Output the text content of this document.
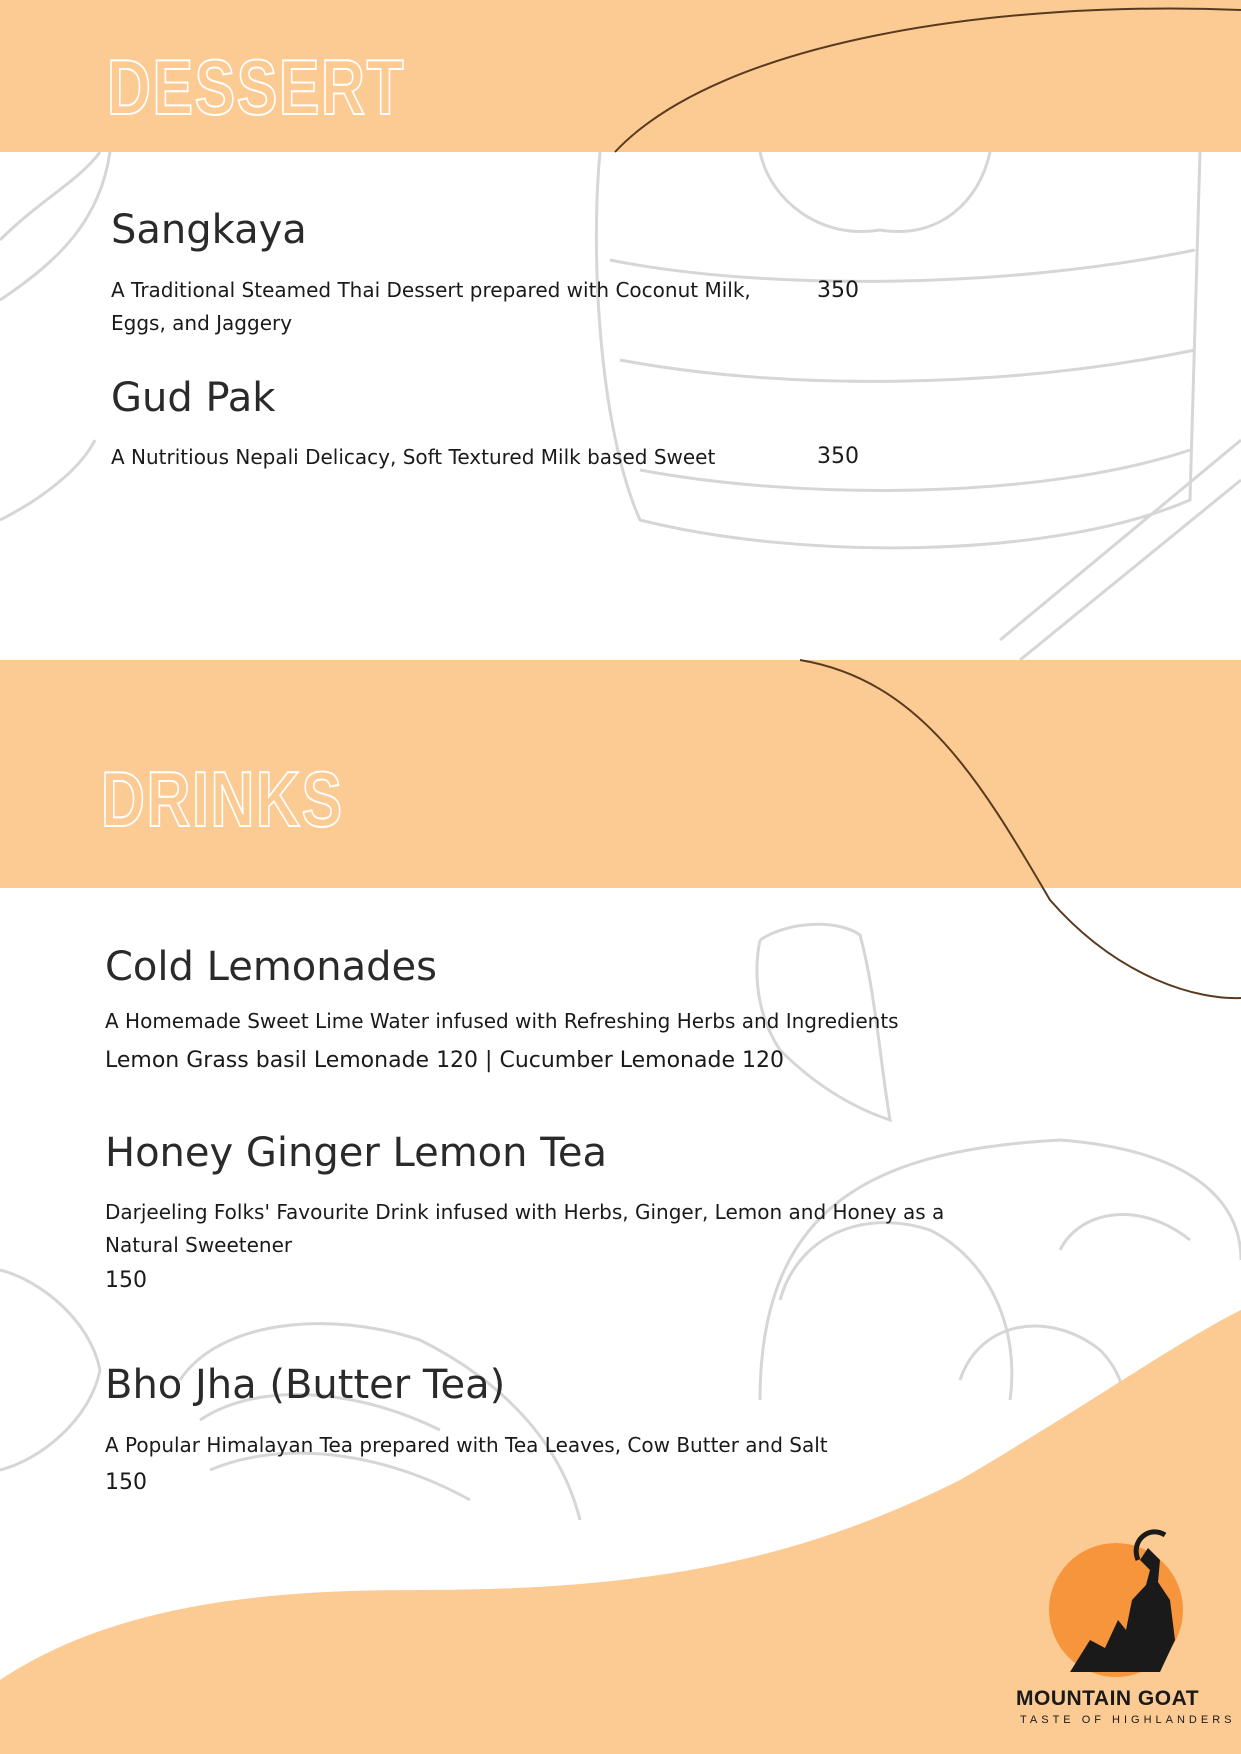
DESSERT
Sangkaya
A Traditional Steamed Thai Dessert prepared with Coconut Milk, Eggs, and Jaggery
350
Gud Pak
A Nutritious Nepali Delicacy, Soft Textured Milk based Sweet	350
DRINKS
Cold Lemonades
A Homemade Sweet Lime Water infused with Refreshing Herbs and Ingredients
Lemon Grass basil Lemonade 120 | Cucumber Lemonade 120
Honey Ginger Lemon Tea
Darjeeling Folks' Favourite Drink infused with Herbs, Ginger, Lemon and Honey as a Natural Sweetener
150
Bho Jha (Butter Tea)
A Popular Himalayan Tea prepared with Tea Leaves, Cow Butter and Salt
150
MOUNTAIN GOAT
TASTE OF HIGHLANDERS
